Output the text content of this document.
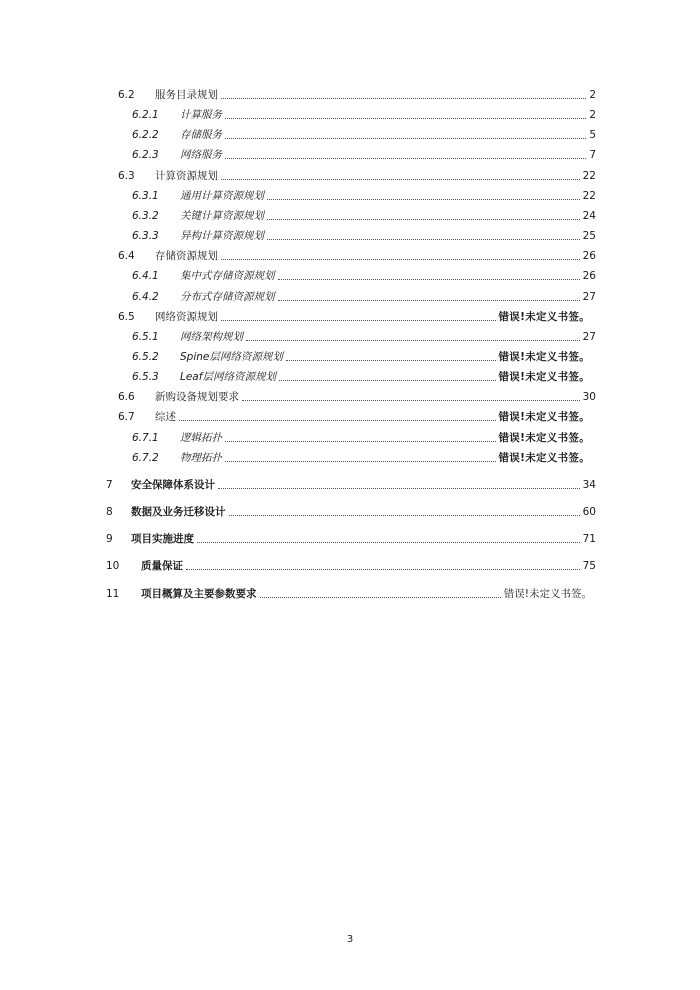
6.2 服务目录规划	2
6.2.1 计算服务	2
6.2.2 存储服务	5
6.2.3 网络服务	7
6.3 计算资源规划	22
6.3.1 通用计算资源规划	22
6.3.2 关键计算资源规划	24
6.3.3 异构计算资源规划	25
6.4 存储资源规划	26
6.4.1 集中式存储资源规划	26
6.4.2 分布式存储资源规划	27
6.5 网络资源规划	错误!未定义书签。
6.5.1 网络架构规划	27
6.5.2 Spine层网络资源规划	错误!未定义书签。
6.5.3 Leaf层网络资源规划	错误!未定义书签。
6.6 新购设备规划要求	30
6.7 综述	错误!未定义书签。
6.7.1 逻辑拓扑	错误!未定义书签。
6.7.2 物理拓扑	错误!未定义书签。
7 安全保障体系设计	34
8 数据及业务迁移设计	60
9 项目实施进度	71
10 质量保证	75
11 项目概算及主要参数要求	错误!未定义书签。
3
